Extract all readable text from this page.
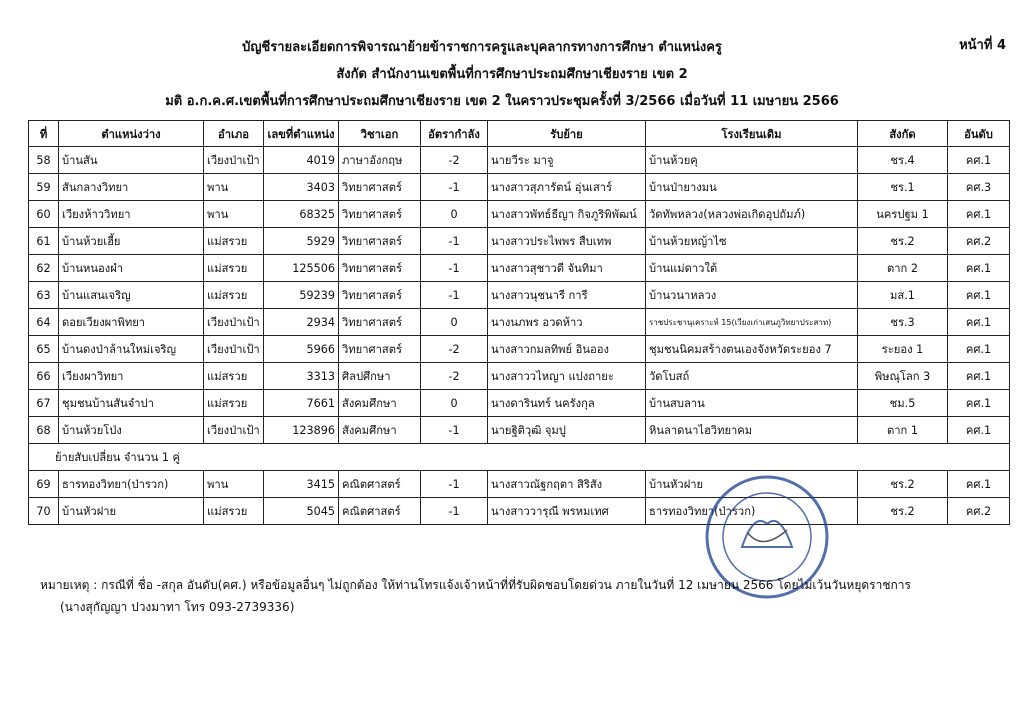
หน้าที่ 4
บัญชีรายละเอียดการพิจารณาย้ายข้าราชการครูและบุคลากรทางการศึกษา ตำแหน่งครู
สังกัด สำนักงานเขตพื้นที่การศึกษาประถมศึกษาเชียงราย เขต 2
มติ อ.ก.ค.ศ.เขตพื้นที่การศึกษาประถมศึกษาเชียงราย เขต 2 ในคราวประชุมครั้งที่ 3/2566 เมื่อวันที่ 11 เมษายน 2566
ที่	ตำแหน่งว่าง	อำเภอ	เลขที่ตำแหน่ง	วิชาเอก	อัตรากำลัง	รับย้าย	โรงเรียนเดิม	สังกัด	อันดับ
58	บ้านสัน	เวียงป่าเป้า	4019	ภาษาอังกฤษ	-2	นายวีระ มาจู	บ้านห้วยคุ	ชร.4	คศ.1
59	สันกลางวิทยา	พาน	3403	วิทยาศาสตร์	-1	นางสาวสุภารัตน์ อุ่นเสาร์	บ้านป่ายางมน	ชร.1	คศ.3
60	เวียงห้าววิทยา	พาน	68325	วิทยาศาสตร์	0	นางสาวพัทธ์ธีญา กิจภูริพิพัฒน์	วัดทัพหลวง(หลวงพ่อเกิดอุปถัมภ์)	นครปฐม 1	คศ.1
61	บ้านห้วยเฮี้ย	แม่สรวย	5929	วิทยาศาสตร์	-1	นางสาวประไพพร สืบเทพ	บ้านห้วยหญ้าไซ	ชร.2	คศ.2
62	บ้านหนองผำ	แม่สรวย	125506	วิทยาศาสตร์	-1	นางสาวสุชาวดี จันทิมา	บ้านแม่ดาวใต้	ตาก 2	คศ.1
63	บ้านแสนเจริญ	แม่สรวย	59239	วิทยาศาสตร์	-1	นางสาวนุชนารี การี	บ้านวนาหลวง	มส.1	คศ.1
64	ดอยเวียงผาพิทยา	เวียงป่าเป้า	2934	วิทยาศาสตร์	0	นางนภพร อวดห้าว	ราชประชานุเคราะห์ 15(เวียงเก่าเสนภูวิทยาประสาท)	ชร.3	คศ.1
65	บ้านดงป่าล้านใหม่เจริญ	เวียงป่าเป้า	5966	วิทยาศาสตร์	-2	นางสาวกมลทิพย์ อินออง	ชุมชนนิคมสร้างตนเองจังหวัดระยอง 7	ระยอง 1	คศ.1
66	เวียงผาวิทยา	แม่สรวย	3313	ศิลปศึกษา	-2	นางสาววไหญา แปงถายะ	วัดโบสถ์	พิษณุโลก 3	คศ.1
67	ชุมชนบ้านสันจำปา	แม่สรวย	7661	สังคมศึกษา	0	นางดารินทร์ นครังกุล	บ้านสบลาน	ชม.5	คศ.1
68	บ้านห้วยโป่ง	เวียงป่าเป้า	123896	สังคมศึกษา	-1	นายฐิติวุฒิ จุมปู	หินลาดนาไฮวิทยาคม	ตาก 1	คศ.1
ย้ายสับเปลี่ยน จำนวน 1 คู่									
69	ธารทองวิทยา(ป่ารวก)	พาน	3415	คณิตศาสตร์	-1	นางสาวณัฐกฤตา สิริสัง	บ้านหัวฝาย	ชร.2	คศ.1
70	บ้านหัวฝาย	แม่สรวย	5045	คณิตศาสตร์	-1	นางสาววารุณี พรหมเทศ	ธารทองวิทยา(ป่ารวก)	ชร.2	คศ.2
หมายเหตุ : กรณีที่ ชื่อ -สกุล อันดับ(คศ.) หรือข้อมูลอื่นๆ ไม่ถูกต้อง ให้ท่านโทรแจ้งเจ้าหน้าที่ที่รับผิดชอบโดยด่วน ภายในวันที่ 12 เมษายน 2566 โดยไม่เว้นวันหยุดราชการ
(นางสุกัญญา ปวงมาทา โทร 093-2739336)
